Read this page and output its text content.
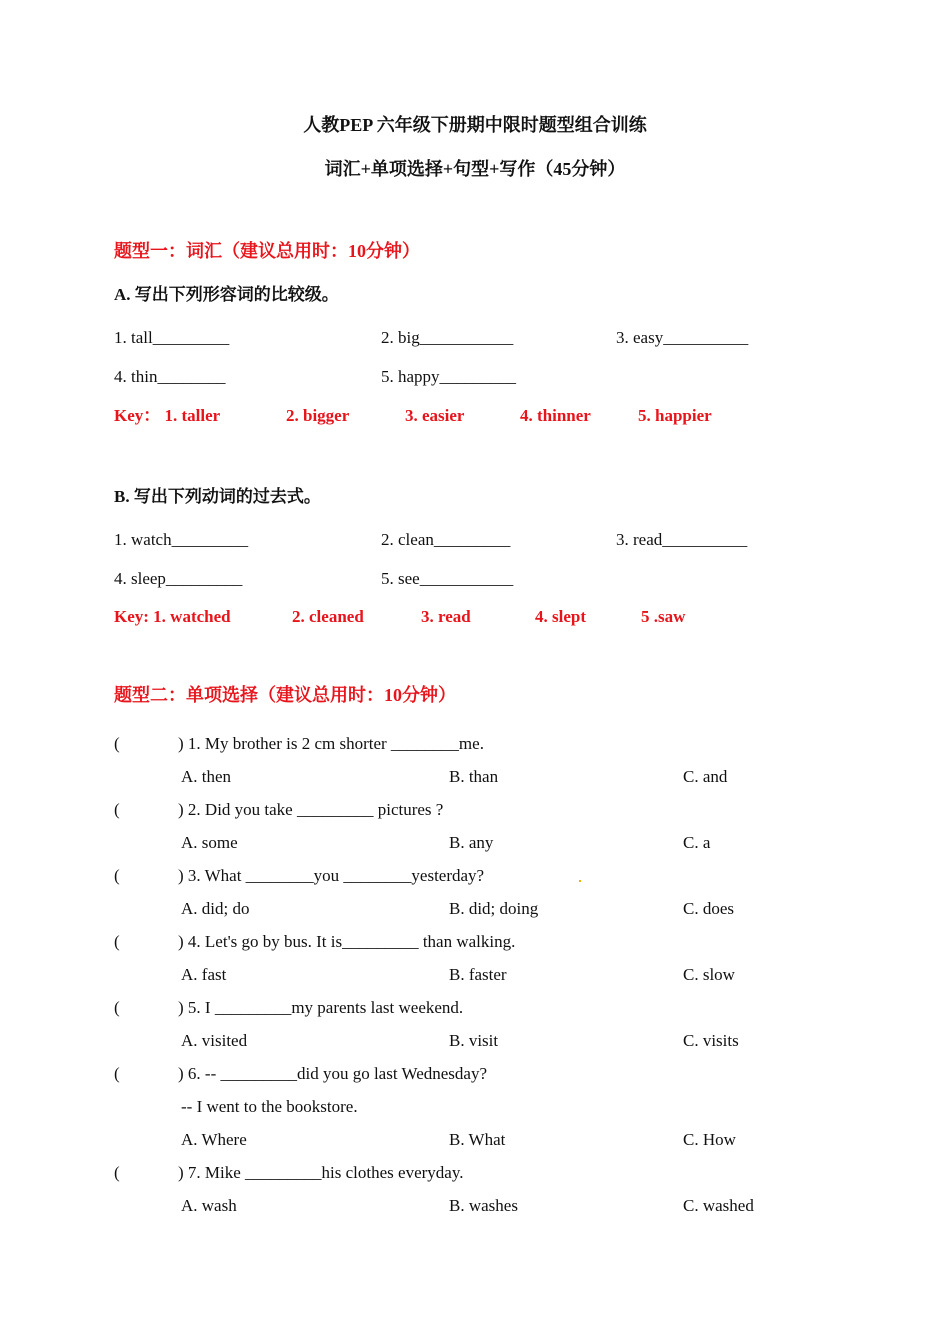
人教PEP 六年级下册期中限时题型组合训练
词汇+单项选择+句型+写作（45分钟）
题型一：词汇（建议总用时：10分钟）
A. 写出下列形容词的比较级。
1. tall_________	2. big___________	3. easy__________
4. thin________	5. happy_________
Key： 1. taller	2. bigger	3. easier	4. thinner	5. happier
B. 写出下列动词的过去式。
1. watch_________	2. clean_________	3. read__________
4. sleep_________	5. see___________
Key: 1. watched	2. cleaned	3. read	4. slept	5 .saw
题型二：单项选择（建议总用时：10分钟）
(	) 1. My brother is 2 cm shorter ________me.
A. then	B. than	C. and
(	) 2. Did you take _________ pictures ?
A. some	B. any	C. a
(	) 3. What ________you ________yesterday?
A. did; do	B. did; doing	C. does
(	) 4. Let's go by bus. It is_________ than walking.
A. fast	B. faster	C. slow
(	) 5. I _________my parents last weekend.
A. visited	B. visit	C. visits
(	) 6. -- _________did you go last Wednesday?
-- I went to the bookstore.
A. Where	B. What	C. How
(	) 7. Mike _________his clothes everyday.
A. wash	B. washes	C. washed
